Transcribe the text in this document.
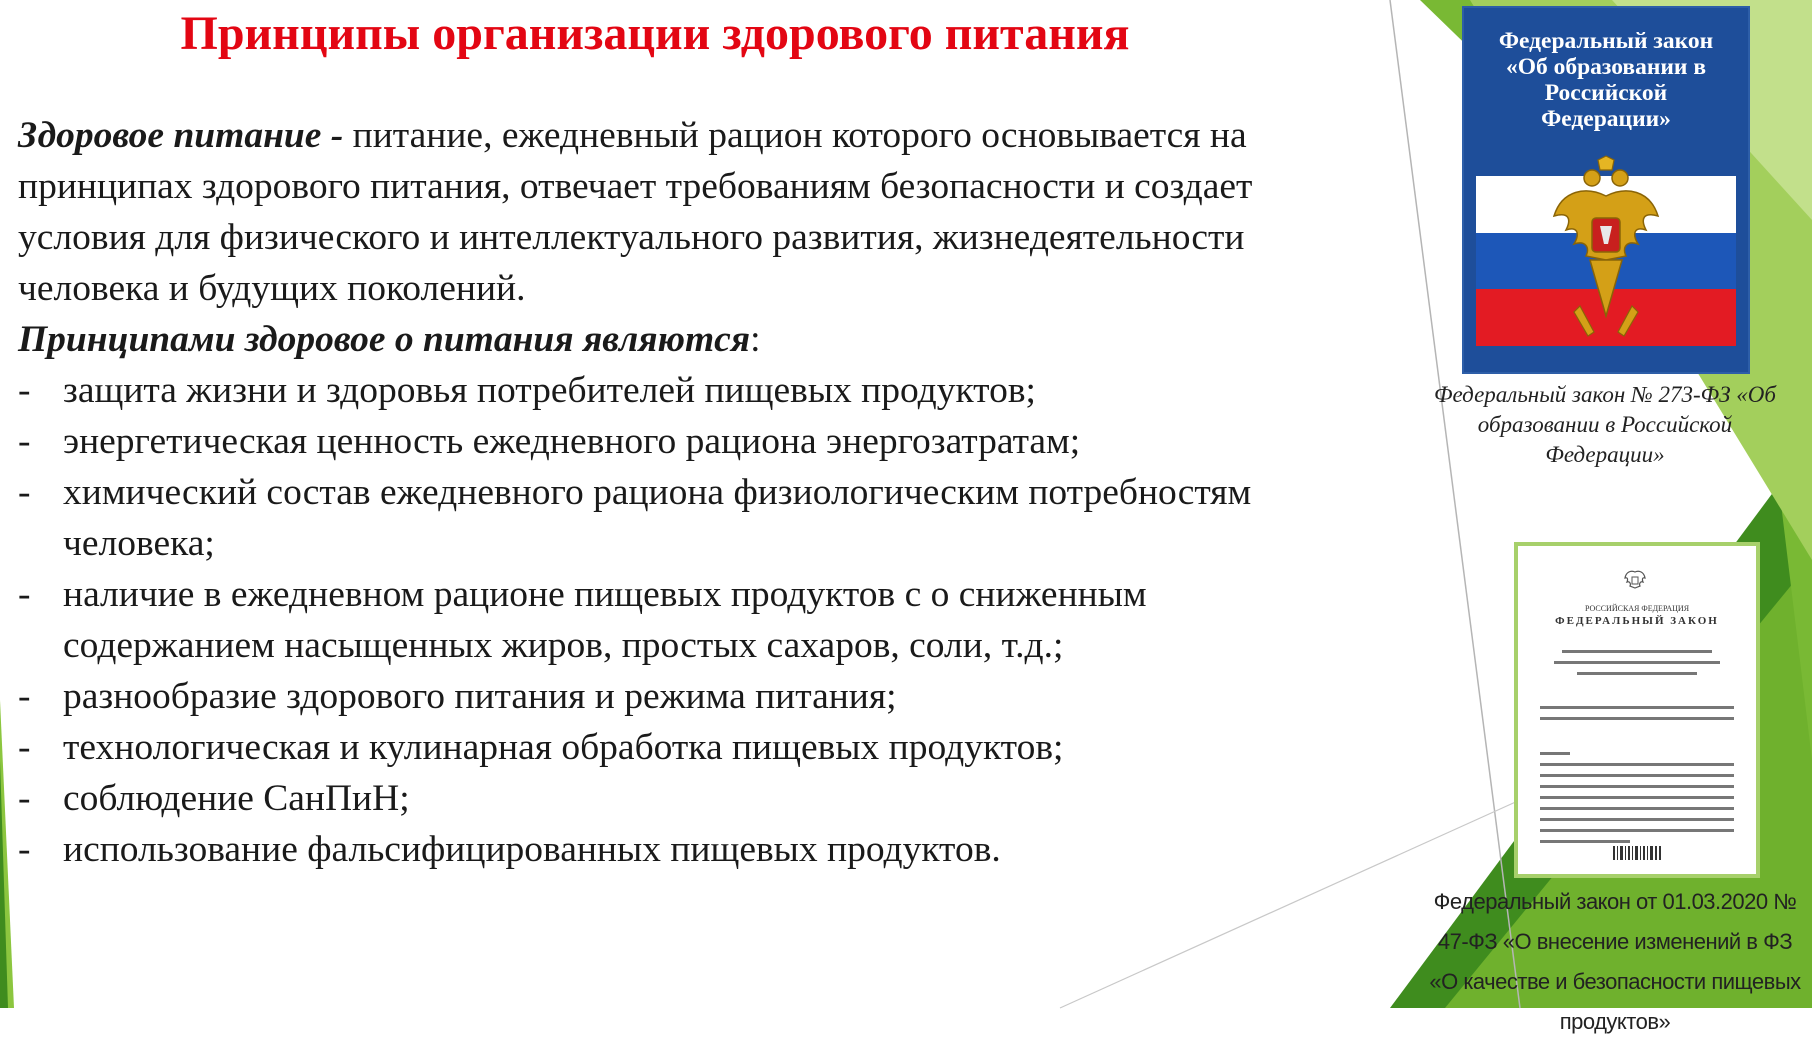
Принципы организации здорового питания

Здоровое питание - питание, ежедневный рацион которого основывается на принципах здорового питания, отвечает требованиям безопасности и создает условия для физического и интеллектуального развития, жизнедеятельности человека и будущих поколений.

Принципами здоровое о питания являются:

- защита жизни и здоровья потребителей пищевых продуктов;
- энергетическая ценность ежедневного рациона энергозатратам;
- химический состав ежедневного рациона физиологическим потребностям человека;
- наличие в ежедневном рационе пищевых продуктов с о сниженным содержанием насыщенных жиров, простых сахаров, соли, т.д.;
- разнообразие здорового питания и режима питания;
- технологическая и кулинарная обработка пищевых продуктов;
- соблюдение СанПиН;
- использование фальсифицированных пищевых продуктов.
Федеральный закон
«Об образовании в
Российской
Федерации»
Федеральный закон № 273-ФЗ «Об образовании в Российской Федерации»
РОССИЙСКАЯ ФЕДЕРАЦИЯ
ФЕДЕРАЛЬНЫЙ ЗАКОН
Федеральный закон от 01.03.2020 № 47-ФЗ «О внесение изменений в ФЗ «О качестве и безопасности пищевых продуктов»
